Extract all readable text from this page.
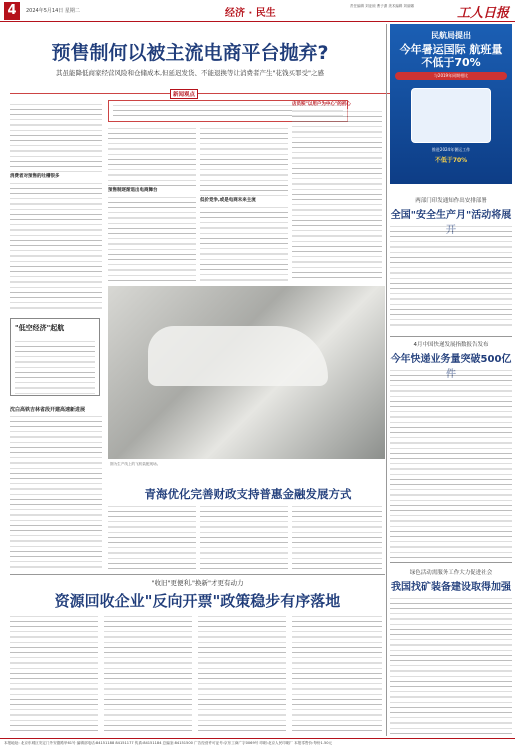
4	2024年5月14日 星期二	经济 · 民生
责任编辑 刘亚琼 曹子潇 美术编辑 刘丽娜	工人日报
预售制何以被主流电商平台抛弃?
其虽能降低商家经营风险和仓储成本,但延迟发货、不能退换等让消费者产生"花钱买罪受"之感
新闻观点
消费者对预售的吐槽很多
预售制逐渐退出电商舞台
低价竞争,或是电商未来主流
店员积"以用户为中心"的初心
民航局提出
今年暑运国际 航班量 不低于70%
与2019年同期相比
推进2024年暑运工作
不低于70%
两部门印发通知作出安排部署
全国"安全生产月"活动将展
4月中国快递发展指数报告发布
今年快递业务量突破500亿
绿色活动需服务工作大力促进社会
我国找矿装备建设取得加强
"低空经济"起航
沈白高铁吉林省段开建高速新进展
图为生产线上的飞机装配现场。
青海优化完善财政支持普惠金融发展方式
"收旧"更便利,"换新"才更有动力
资源回收企业"反向开票"政策稳步有序落地
本报地址: 北京东城区安定门外安德路甲61号 编辑部电话:84151188 84151177 传真:84151184 总编室:84151500 广告经营许可证号:京东工商广字0069号 印刷:北京人民印刷厂 本报零售价:每份1.50元
